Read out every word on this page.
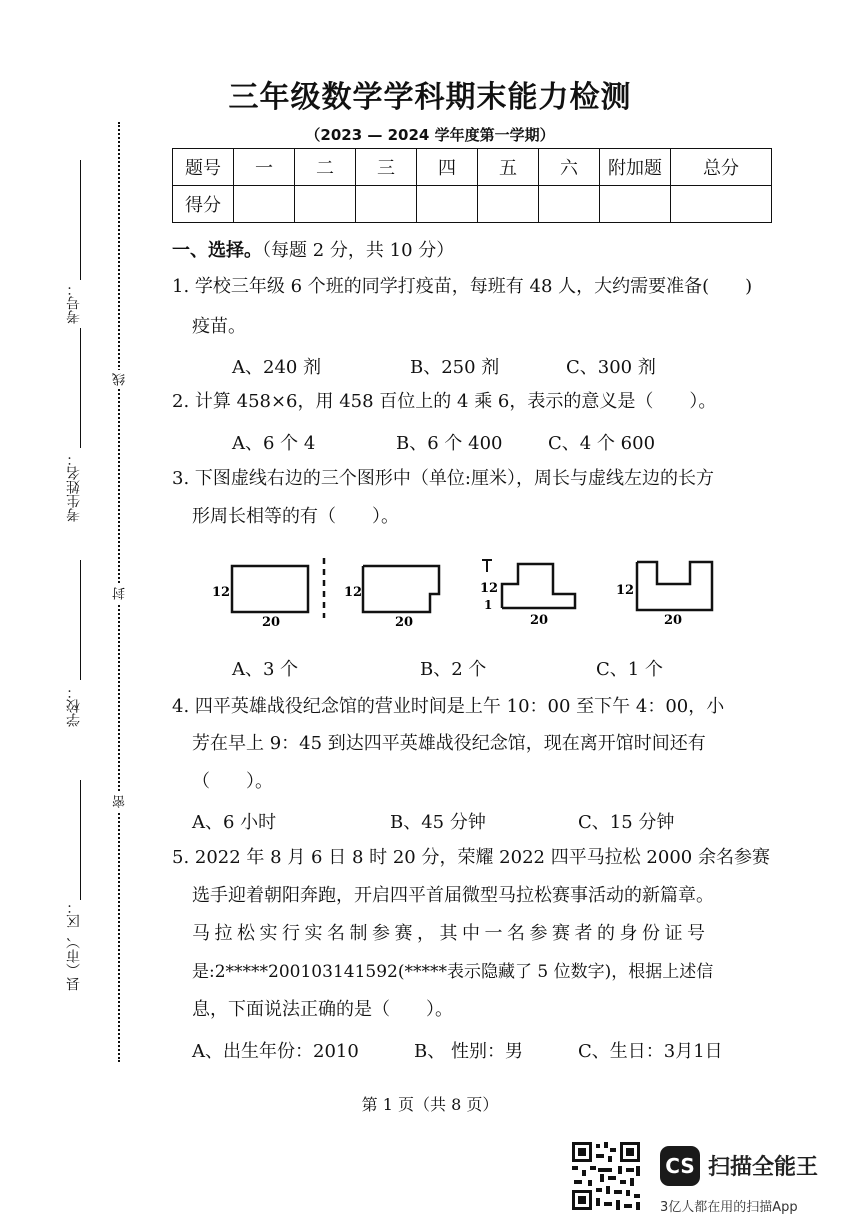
三年级数学学科期末能力检测
（2023 — 2024 学年度第一学期）
题号	一	二	三	四	五	六	附加题	总分
得分								
一、选择。（每题 2 分，共 10 分）
1. 学校三年级 6 个班的同学打疫苗，每班有 48 人，大约需要准备(　　)
疫苗。
A、240 剂	B、250 剂	C、300 剂
2. 计算 458×6，用 458 百位上的 4 乘 6，表示的意义是（　　）。
A、6 个 4	B、6 个 400	C、4 个 600
3. 下图虚线右边的三个图形中（单位:厘米），周长与虚线左边的长方
形周长相等的有（　　）。
12
20
12
20
12
1
20
12
20
A、3 个	B、2 个	C、1 个
4. 四平英雄战役纪念馆的营业时间是上午 10：00 至下午 4：00，小
芳在早上 9：45 到达四平英雄战役纪念馆，现在离开馆时间还有
（　　）。
A、6 小时	B、45 分钟	C、15 分钟
5. 2022 年 8 月 6 日 8 时 20 分，荣耀 2022 四平马拉松 2000 余名参赛
选手迎着朝阳奔跑，开启四平首届微型马拉松赛事活动的新篇章。
马拉松实行实名制参赛，其中一名参赛者的身份证号
是:2*****200103141592(*****表示隐藏了 5 位数字)，根据上述信
息，下面说法正确的是（　　）。
A、出生年份：2010	B、 性别：男	C、生日：3月1日
线
封
密
考号：
考生姓名：
学校：
县（市）、区：
第 1 页（共 8 页）
CS 扫描全能王
3亿人都在用的扫描App
